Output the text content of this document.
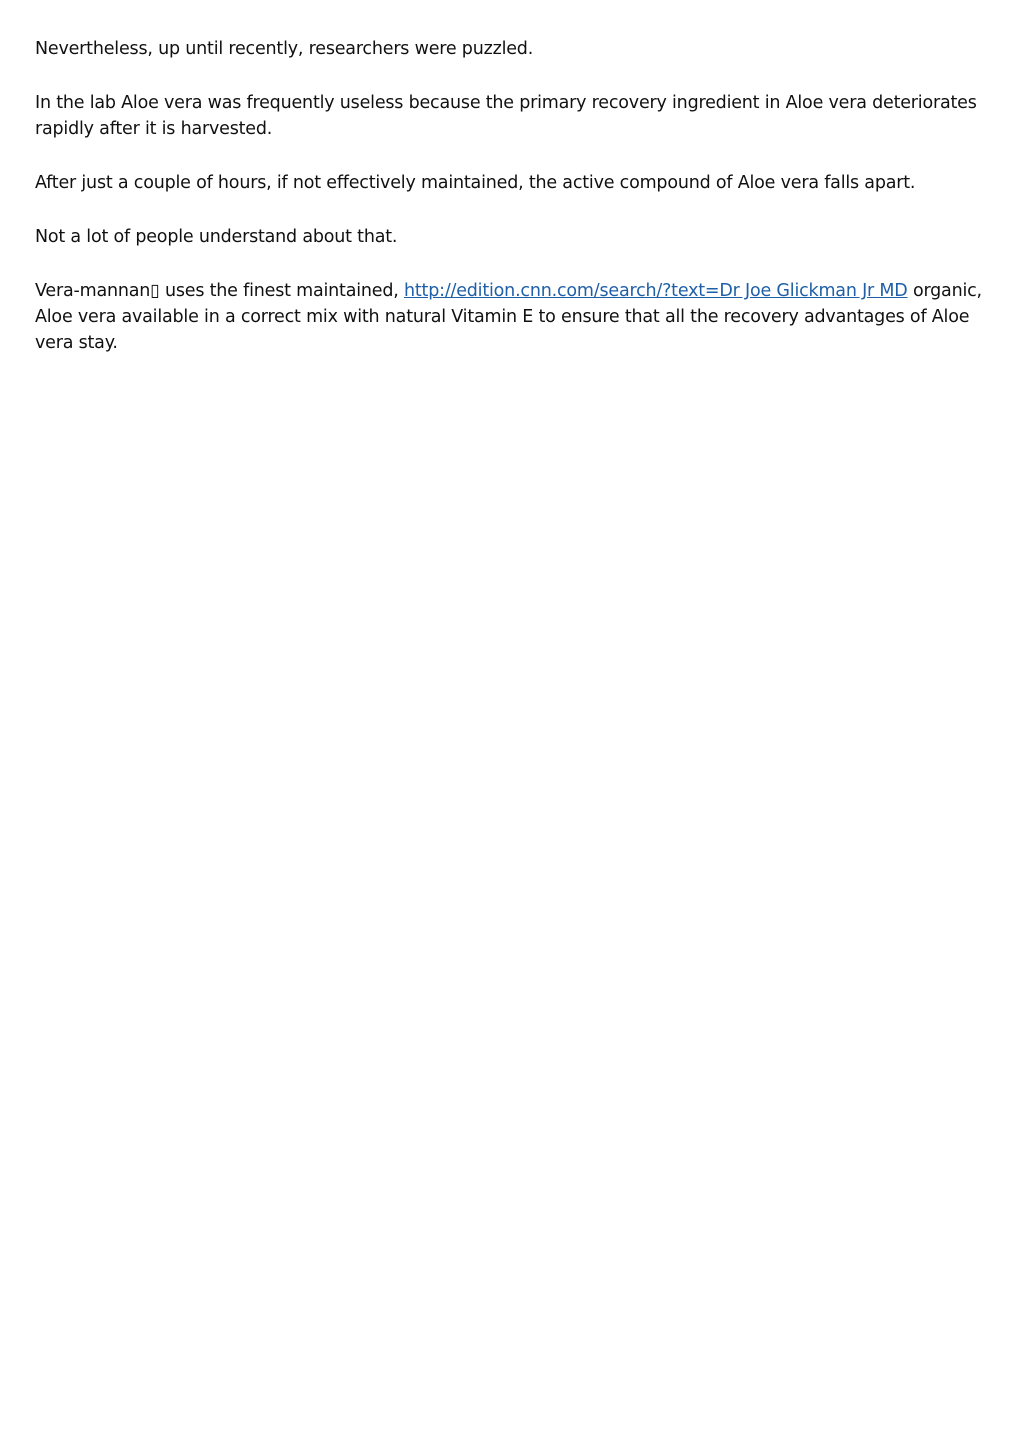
Nevertheless, up until recently, researchers were puzzled.

In the lab Aloe vera was frequently useless because the primary recovery ingredient in Aloe vera deteriorates rapidly after it is harvested.

After just a couple of hours, if not effectively maintained, the active compound of Aloe vera falls apart.

Not a lot of people understand about that.

Vera-mannan▯ uses the finest maintained, http://edition.cnn.com/search/?text=Dr Joe Glickman Jr MD organic, Aloe vera available in a correct mix with natural Vitamin E to ensure that all the recovery advantages of Aloe vera stay.
